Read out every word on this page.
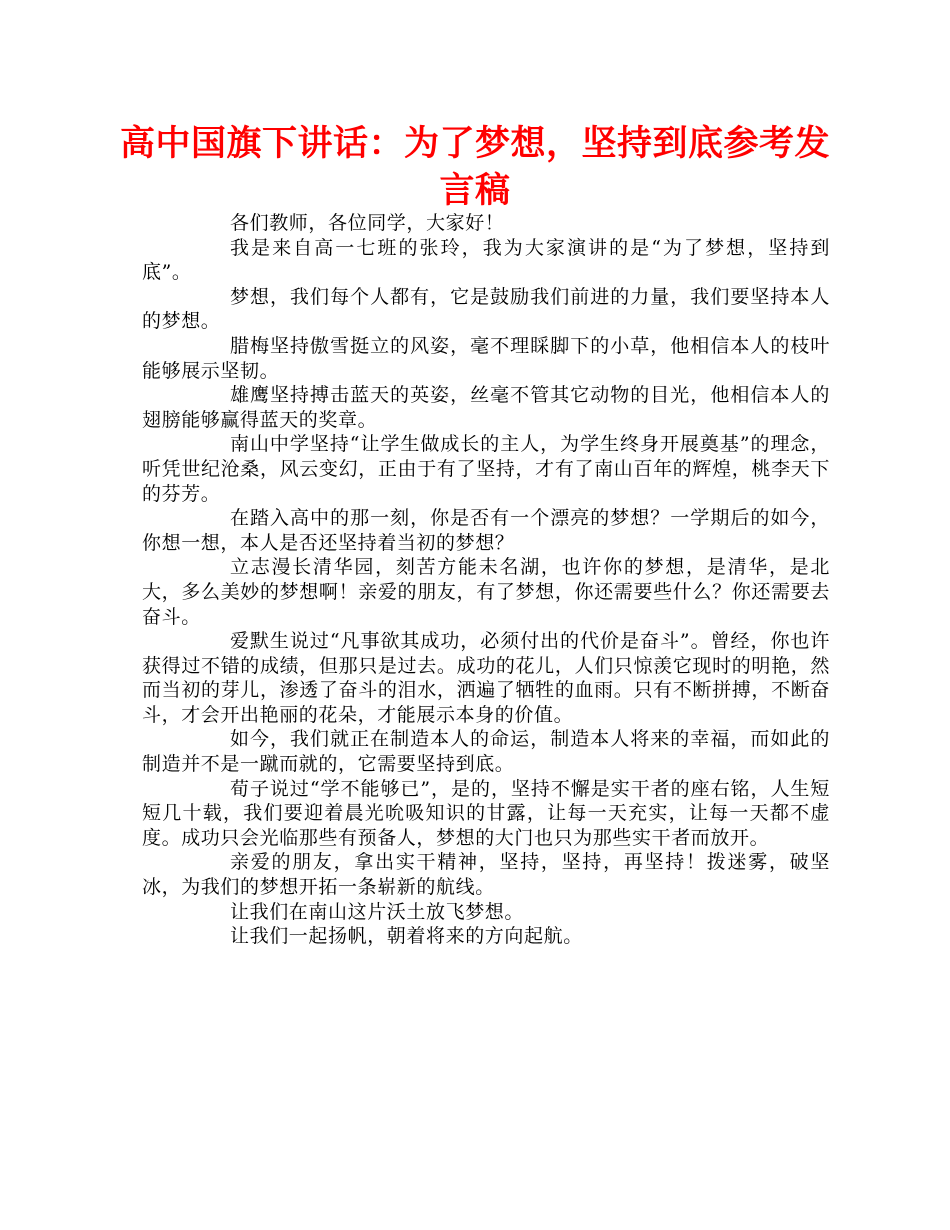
高中国旗下讲话：为了梦想，坚持到底参考发言稿

各们教师，各位同学，大家好！

我是来自高一七班的张玲，我为大家演讲的是“为了梦想，坚持到底”。

梦想，我们每个人都有，它是鼓励我们前进的力量，我们要坚持本人的梦想。

腊梅坚持傲雪挺立的风姿，毫不理睬脚下的小草，他相信本人的枝叶能够展示坚韧。

雄鹰坚持搏击蓝天的英姿，丝毫不管其它动物的目光，他相信本人的翅膀能够赢得蓝天的奖章。

南山中学坚持“让学生做成长的主人，为学生终身开展奠基”的理念，听凭世纪沧桑，风云变幻，正由于有了坚持，才有了南山百年的辉煌，桃李天下的芬芳。

在踏入高中的那一刻，你是否有一个漂亮的梦想？一学期后的如今，你想一想，本人是否还坚持着当初的梦想？

立志漫长清华园，刻苦方能未名湖，也许你的梦想，是清华，是北大，多么美妙的梦想啊！亲爱的朋友，有了梦想，你还需要些什么？你还需要去奋斗。

爱默生说过“凡事欲其成功，必须付出的代价是奋斗”。曾经，你也许获得过不错的成绩，但那只是过去。成功的花儿，人们只惊羡它现时的明艳，然而当初的芽儿，渗透了奋斗的泪水，洒遍了牺牲的血雨。只有不断拼搏，不断奋斗，才会开出艳丽的花朵，才能展示本身的价值。

如今，我们就正在制造本人的命运，制造本人将来的幸福，而如此的制造并不是一蹴而就的，它需要坚持到底。

荀子说过“学不能够已”，是的，坚持不懈是实干者的座右铭，人生短短几十载，我们要迎着晨光吮吸知识的甘露，让每一天充实，让每一天都不虚度。成功只会光临那些有预备人，梦想的大门也只为那些实干者而放开。

亲爱的朋友，拿出实干精神，坚持，坚持，再坚持！拨迷雾，破坚冰，为我们的梦想开拓一条崭新的航线。

让我们在南山这片沃土放飞梦想。

让我们一起扬帆，朝着将来的方向起航。
